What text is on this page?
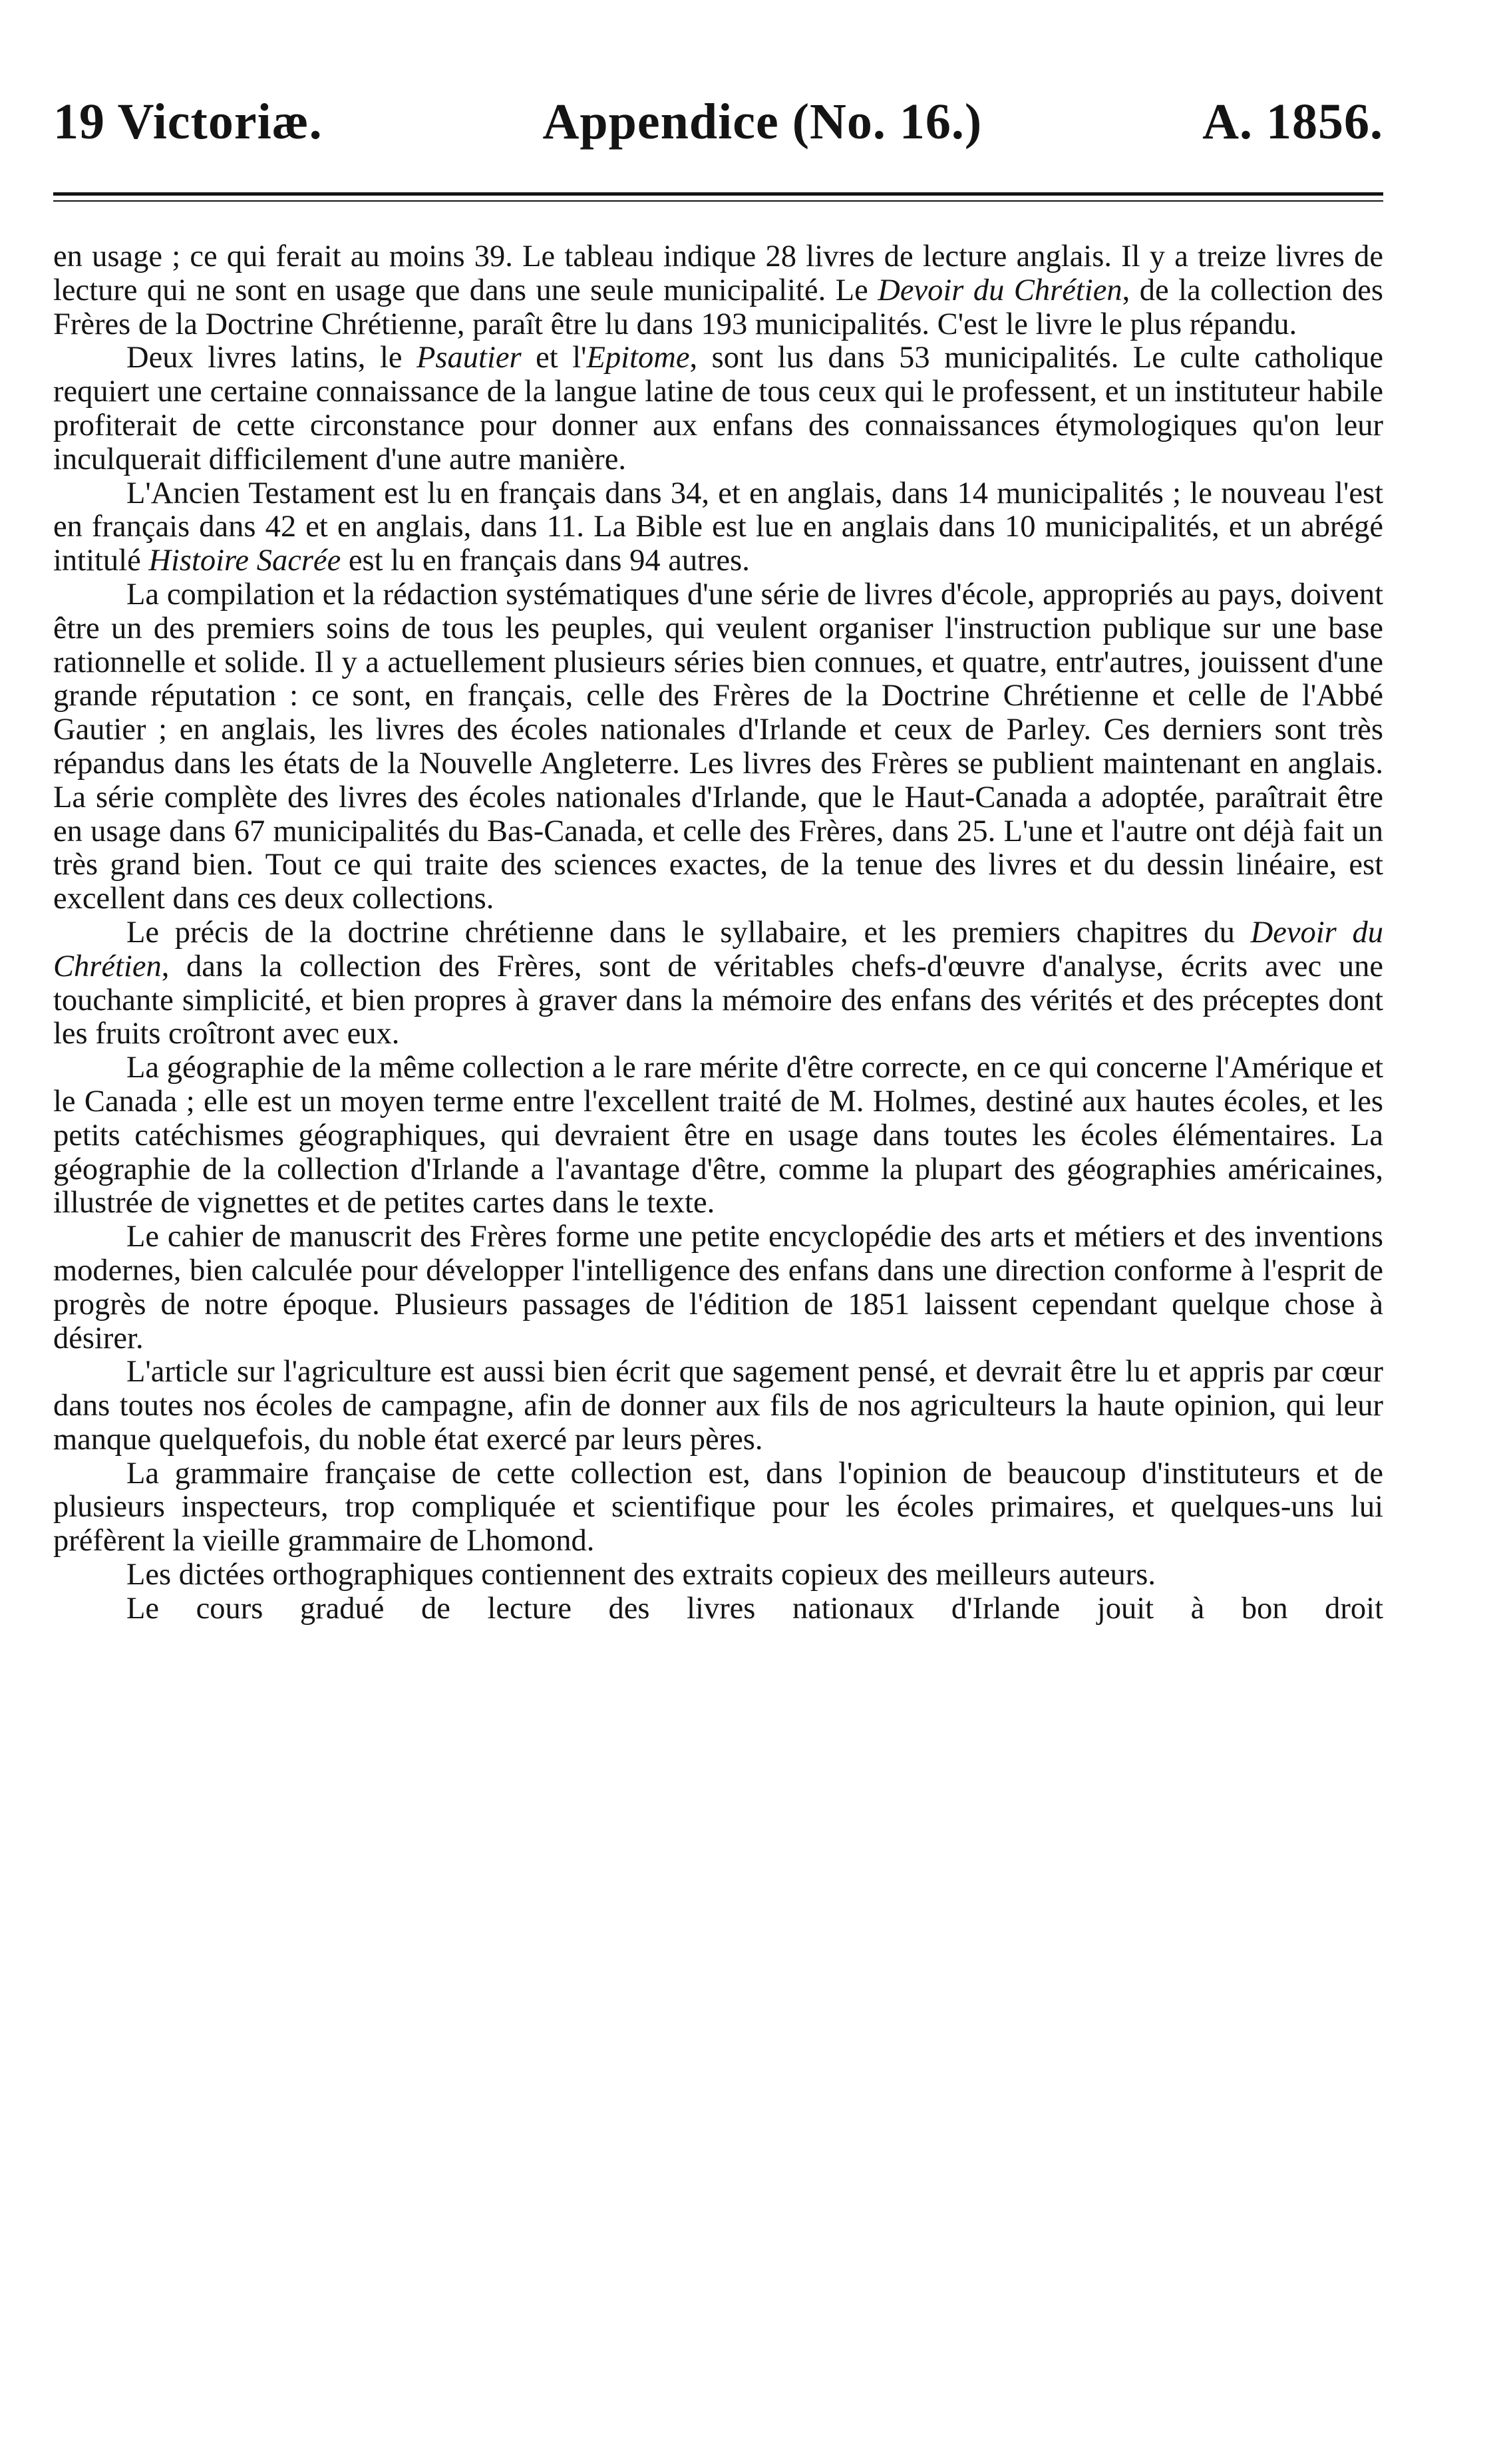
19 Victoriæ.	Appendice (No. 16.)	A. 1856.

en usage ; ce qui ferait au moins 39. Le tableau indique 28 livres de lecture anglais. Il y a treize livres de lecture qui ne sont en usage que dans une seule municipalité. Le Devoir du Chrétien, de la collection des Frères de la Doctrine Chrétienne, paraît être lu dans 193 municipalités. C'est le livre le plus répandu.

Deux livres latins, le Psautier et l'Epitome, sont lus dans 53 municipalités. Le culte catholique requiert une certaine connaissance de la langue latine de tous ceux qui le professent, et un instituteur habile profiterait de cette circonstance pour donner aux enfans des connaissances étymologiques qu'on leur inculquerait difficilement d'une autre manière.

L'Ancien Testament est lu en français dans 34, et en anglais, dans 14 municipalités ; le nouveau l'est en français dans 42 et en anglais, dans 11. La Bible est lue en anglais dans 10 municipalités, et un abrégé intitulé Histoire Sacrée est lu en français dans 94 autres.

La compilation et la rédaction systématiques d'une série de livres d'école, appropriés au pays, doivent être un des premiers soins de tous les peuples, qui veulent organiser l'instruction publique sur une base rationnelle et solide. Il y a actuellement plusieurs séries bien connues, et quatre, entr'autres, jouissent d'une grande réputation : ce sont, en français, celle des Frères de la Doctrine Chrétienne et celle de l'Abbé Gautier ; en anglais, les livres des écoles nationales d'Irlande et ceux de Parley. Ces derniers sont très répandus dans les états de la Nouvelle Angleterre. Les livres des Frères se publient maintenant en anglais. La série complète des livres des écoles nationales d'Irlande, que le Haut-Canada a adoptée, paraîtrait être en usage dans 67 municipalités du Bas-Canada, et celle des Frères, dans 25. L'une et l'autre ont déjà fait un très grand bien. Tout ce qui traite des sciences exactes, de la tenue des livres et du dessin linéaire, est excellent dans ces deux collections.

Le précis de la doctrine chrétienne dans le syllabaire, et les premiers chapitres du Devoir du Chrétien, dans la collection des Frères, sont de véritables chefs-d'œuvre d'analyse, écrits avec une touchante simplicité, et bien propres à graver dans la mémoire des enfans des vérités et des préceptes dont les fruits croîtront avec eux.

La géographie de la même collection a le rare mérite d'être correcte, en ce qui concerne l'Amérique et le Canada ; elle est un moyen terme entre l'excellent traité de M. Holmes, destiné aux hautes écoles, et les petits catéchismes géographiques, qui devraient être en usage dans toutes les écoles élémentaires. La géographie de la collection d'Irlande a l'avantage d'être, comme la plupart des géographies américaines, illustrée de vignettes et de petites cartes dans le texte.

Le cahier de manuscrit des Frères forme une petite encyclopédie des arts et métiers et des inventions modernes, bien calculée pour développer l'intelligence des enfans dans une direction conforme à l'esprit de progrès de notre époque. Plusieurs passages de l'édition de 1851 laissent cependant quelque chose à désirer.

L'article sur l'agriculture est aussi bien écrit que sagement pensé, et devrait être lu et appris par cœur dans toutes nos écoles de campagne, afin de donner aux fils de nos agriculteurs la haute opinion, qui leur manque quelquefois, du noble état exercé par leurs pères.

La grammaire française de cette collection est, dans l'opinion de beaucoup d'instituteurs et de plusieurs inspecteurs, trop compliquée et scientifique pour les écoles primaires, et quelques-uns lui préfèrent la vieille grammaire de Lhomond.

Les dictées orthographiques contiennent des extraits copieux des meilleurs auteurs.

Le cours gradué de lecture des livres nationaux d'Irlande jouit à bon droit
